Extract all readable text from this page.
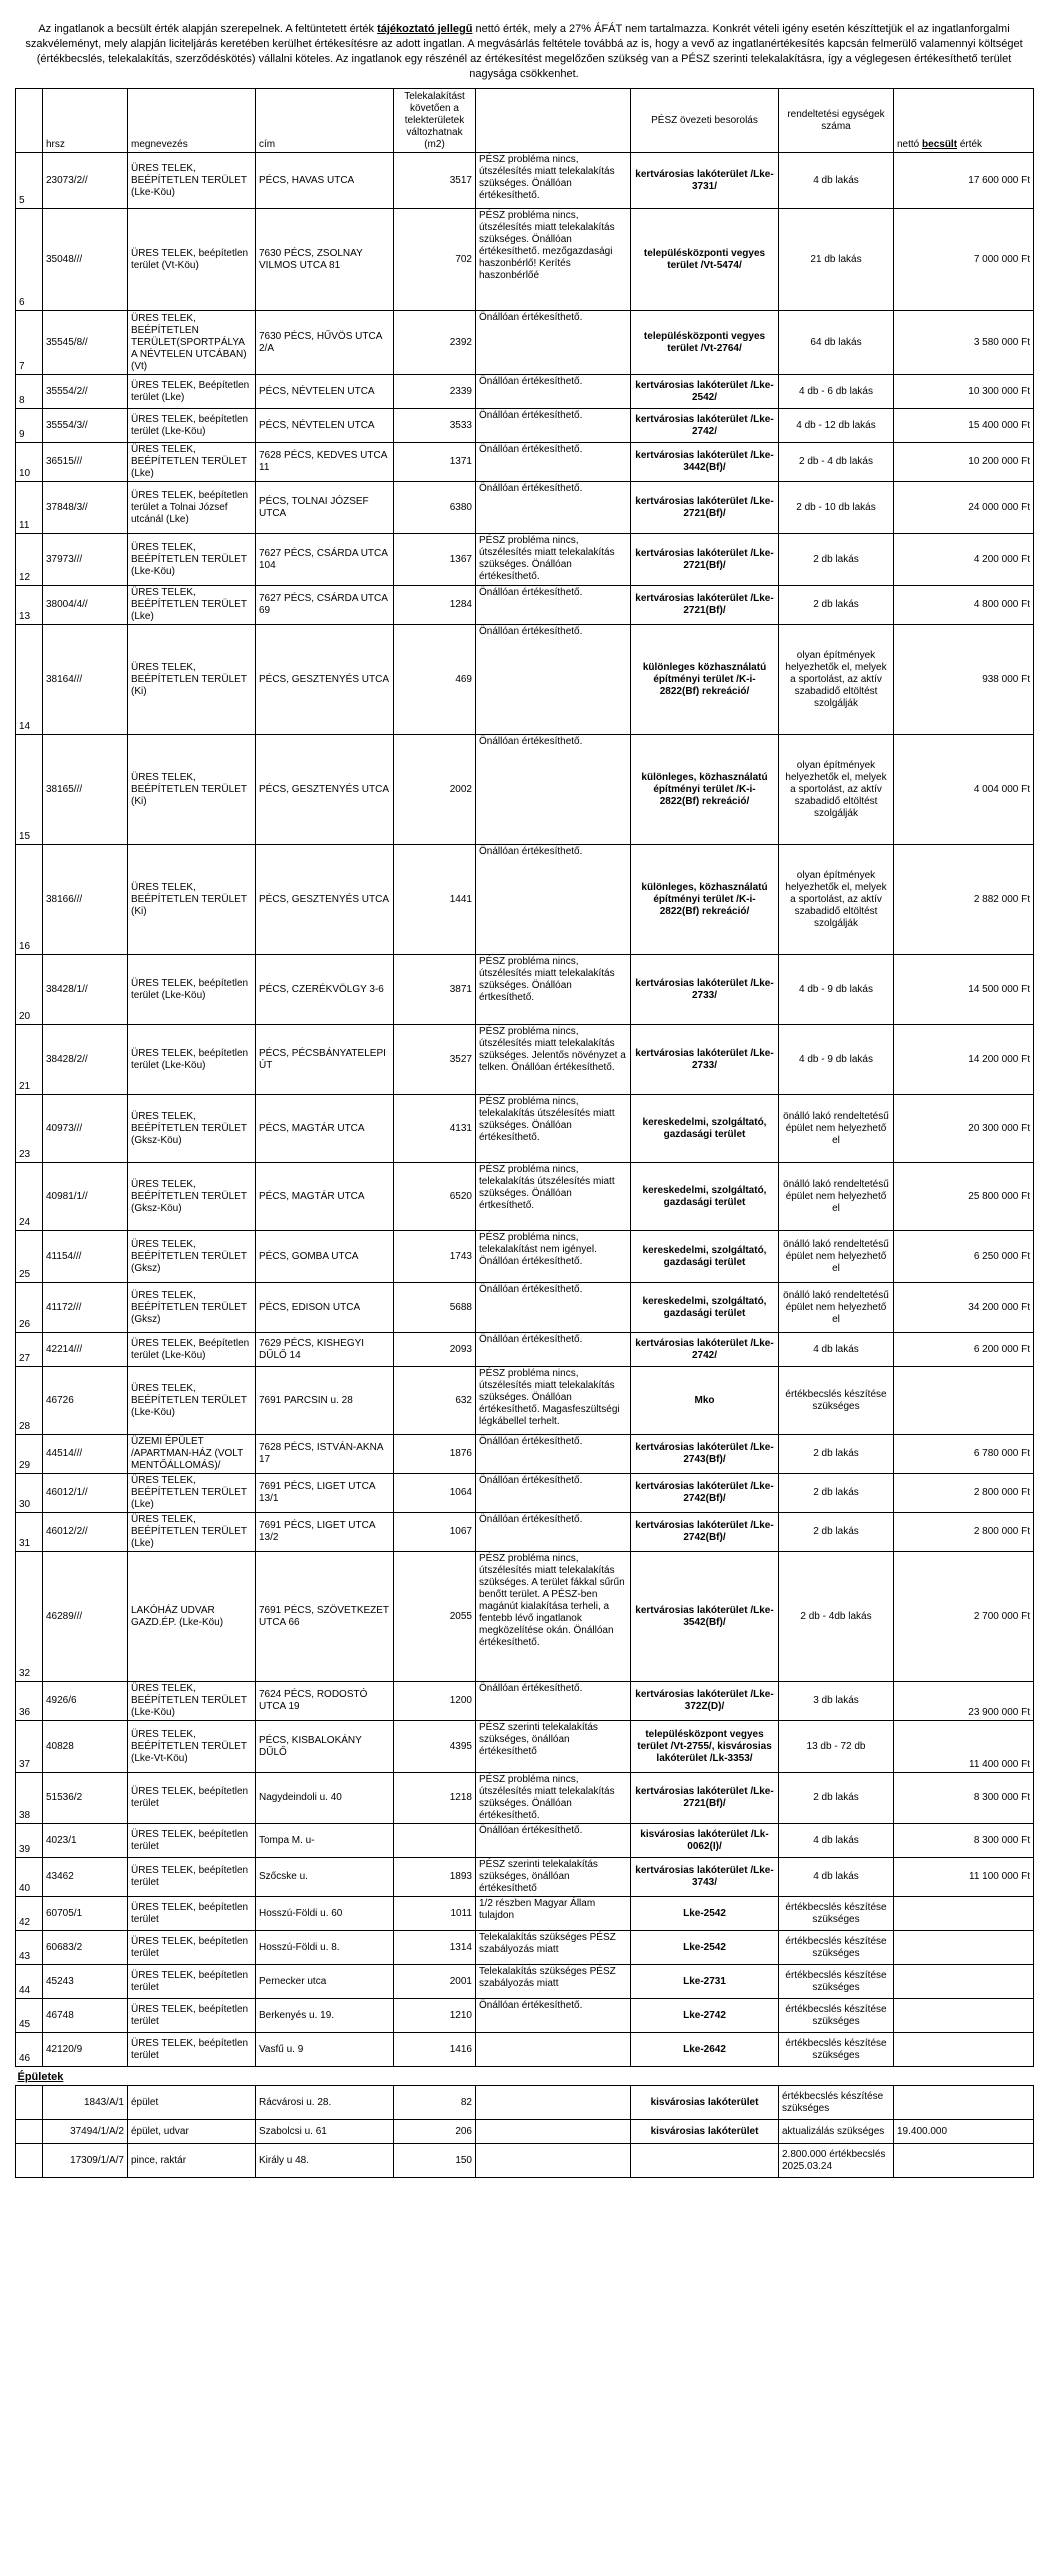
Az ingatlanok a becsült érték alapján szerepelnek. A feltüntetett érték tájékoztató jellegű nettó érték, mely a 27% ÁFÁT nem tartalmazza. Konkrét vételi igény esetén készíttetjük el az ingatlanforgalmi szakvéleményt, mely alapján liciteljárás keretében kerülhet értékesítésre az adott ingatlan. A megvásárlás feltétele továbbá az is, hogy a vevő az ingatlanértékesítés kapcsán felmerülő valamennyi költséget (értékbecslés, telekalakítás, szerződéskötés) vállalni köteles. Az ingatlanok egy részénél az értékesítést megelőzően szükség van a PÉSZ szerinti telekalakításra, így a véglegesen értékesíthető terület nagysága csökkenhet.
	hrsz	megnevezés	cím	Telekalakítást követően a telekterületek változhatnak (m2)		PÉSZ övezeti besorolás	rendeltetési egységek száma	nettó becsült érték
5	23073/2//	ÜRES TELEK, BEÉPÍTETLEN TERÜLET (Lke-Köu)	PÉCS, HAVAS UTCA	3517	PÉSZ probléma nincs, útszélesítés miatt telekalakítás szükséges. Önállóan értékesíthető.	kertvárosias lakóterület /Lke-3731/	4 db lakás	17 600 000 Ft
6	35048///	ÜRES TELEK, beépítetlen terület (Vt-Köu)	7630 PÉCS, ZSOLNAY VILMOS UTCA 81	702	PÉSZ probléma nincs, útszélesítés miatt telekalakítás szükséges. Önállóan értékesíthető. mezőgazdasági haszonbérlő! Kerítés haszonbérlőé	településközponti vegyes terület /Vt-5474/	21 db lakás	7 000 000 Ft
7	35545/8//	ÜRES TELEK, BEÉPÍTETLEN TERÜLET(SPORTPÁLYA A NÉVTELEN UTCÁBAN) (Vt)	7630 PÉCS, HŰVÖS UTCA 2/A	2392	Önállóan értékesíthető.	településközponti vegyes terület /Vt-2764/	64 db lakás	3 580 000 Ft
8	35554/2//	ÜRES TELEK, Beépítetlen terület (Lke)	PÉCS, NÉVTELEN UTCA	2339	Önállóan értékesíthető.	kertvárosias lakóterület /Lke-2542/	4 db - 6 db lakás	10 300 000 Ft
9	35554/3//	ÜRES TELEK, beépítetlen terület (Lke-Köu)	PÉCS, NÉVTELEN UTCA	3533	Önállóan értékesíthető.	kertvárosias lakóterület /Lke-2742/	4 db - 12 db lakás	15 400 000 Ft
10	36515///	ÜRES TELEK, BEÉPÍTETLEN TERÜLET (Lke)	7628 PÉCS, KEDVES UTCA 11	1371	Önállóan értékesíthető.	kertvárosias lakóterület /Lke-3442(Bf)/	2 db - 4 db lakás	10 200 000 Ft
11	37848/3//	ÜRES TELEK, beépítetlen terület a Tolnai József utcánál (Lke)	PÉCS, TOLNAI JÓZSEF UTCA	6380	Önállóan értékesíthető.	kertvárosias lakóterület /Lke-2721(Bf)/	2 db - 10 db lakás	24 000 000 Ft
12	37973///	ÜRES TELEK, BEÉPÍTETLEN TERÜLET (Lke-Köu)	7627 PÉCS, CSÁRDA UTCA 104	1367	PÉSZ probléma nincs, útszélesítés miatt telekalakítás szükséges. Önállóan értékesíthető.	kertvárosias lakóterület /Lke-2721(Bf)/	2 db lakás	4 200 000 Ft
13	38004/4//	ÜRES TELEK, BEÉPÍTETLEN TERÜLET (Lke)	7627 PÉCS, CSÁRDA UTCA 69	1284	Önállóan értékesíthető.	kertvárosias lakóterület /Lke-2721(Bf)/	2 db lakás	4 800 000 Ft
14	38164///	ÜRES TELEK, BEÉPÍTETLEN TERÜLET (Ki)	PÉCS, GESZTENYÉS UTCA	469	Önállóan értékesíthető.	különleges közhasználatú építményi terület /K-i-2822(Bf) rekreáció/	olyan építmények helyezhetők el, melyek a sportolást, az aktív szabadidő eltöltést szolgálják	938 000 Ft
15	38165///	ÜRES TELEK, BEÉPÍTETLEN TERÜLET (Ki)	PÉCS, GESZTENYÉS UTCA	2002	Önállóan értékesíthető.	különleges, közhasználatú építményi terület /K-i-2822(Bf) rekreáció/	olyan építmények helyezhetők el, melyek a sportolást, az aktív szabadidő eltöltést szolgálják	4 004 000 Ft
16	38166///	ÜRES TELEK, BEÉPÍTETLEN TERÜLET (Ki)	PÉCS, GESZTENYÉS UTCA	1441	Önállóan értékesíthető.	különleges, közhasználatú építményi terület /K-i-2822(Bf) rekreáció/	olyan építmények helyezhetők el, melyek a sportolást, az aktív szabadidő eltöltést szolgálják	2 882 000 Ft
20	38428/1//	ÜRES TELEK, beépítetlen terület (Lke-Köu)	PÉCS, CZERÉKVÖLGY 3-6	3871	PÉSZ probléma nincs, útszélesítés miatt telekalakítás szükséges. Önállóan értkesíthető.	kertvárosias lakóterület /Lke-2733/	4 db - 9 db lakás	14 500 000 Ft
21	38428/2//	ÜRES TELEK, beépítetlen terület (Lke-Köu)	PÉCS, PÉCSBÁNYATELEPI ÚT	3527	PÉSZ probléma nincs, útszélesítés miatt telekalakítás szükséges. Jelentős növényzet a telken. Önállóan értékesíthető.	kertvárosias lakóterület /Lke-2733/	4 db - 9 db lakás	14 200 000 Ft
23	40973///	ÜRES TELEK, BEÉPÍTETLEN TERÜLET (Gksz-Köu)	PÉCS, MAGTÁR UTCA	4131	PÉSZ probléma nincs, telekalakítás útszélesítés miatt szükséges. Önállóan értékesíthető.	kereskedelmi, szolgáltató, gazdasági terület	önálló lakó rendeltetésű épület nem helyezhető el	20 300 000 Ft
24	40981/1//	ÜRES TELEK, BEÉPÍTETLEN TERÜLET (Gksz-Köu)	PÉCS, MAGTÁR UTCA	6520	PÉSZ probléma nincs, telekalakítás útszélesítés miatt szükséges. Önállóan értkesíthető.	kereskedelmi, szolgáltató, gazdasági terület	önálló lakó rendeltetésű épület nem helyezhető el	25 800 000 Ft
25	41154///	ÜRES TELEK, BEÉPÍTETLEN TERÜLET (Gksz)	PÉCS, GOMBA UTCA	1743	PÉSZ probléma nincs, telekalakítást nem igényel. Önállóan értékesíthető.	kereskedelmi, szolgáltató, gazdasági terület	önálló lakó rendeltetésű épület nem helyezhető el	6 250 000 Ft
26	41172///	ÜRES TELEK, BEÉPÍTETLEN TERÜLET (Gksz)	PÉCS, EDISON UTCA	5688	Önállóan értékesíthető.	kereskedelmi, szolgáltató, gazdasági terület	önálló lakó rendeltetésű épület nem helyezhető el	34 200 000 Ft
27	42214///	ÜRES TELEK, Beépítetlen terület (Lke-Köu)	7629 PÉCS, KISHEGYI DŰLŐ 14	2093	Önállóan értékesíthető.	kertvárosias lakóterület /Lke-2742/	4 db lakás	6 200 000 Ft
28	46726	ÜRES TELEK, BEÉPÍTETLEN TERÜLET (Lke-Köu)	7691 PARCSIN u. 28	632	PÉSZ probléma nincs, útszélesítés miatt telekalakítás szükséges. Önállóan értékesíthető. Magasfeszültségi légkábellel terhelt.	Mko	értékbecslés készítése szükséges	
29	44514///	ÜZEMI ÉPÜLET /APARTMAN-HÁZ (VOLT MENTŐÁLLOMÁS)/	7628 PÉCS, ISTVÁN-AKNA 17	1876	Önállóan értékesíthető.	kertvárosias lakóterület /Lke-2743(Bf)/	2 db lakás	6 780 000 Ft
30	46012/1//	ÜRES TELEK, BEÉPÍTETLEN TERÜLET (Lke)	7691 PÉCS, LIGET UTCA 13/1	1064	Önállóan értékesíthető.	kertvárosias lakóterület /Lke-2742(Bf)/	2 db lakás	2 800 000 Ft
31	46012/2//	ÜRES TELEK, BEÉPÍTETLEN TERÜLET (Lke)	7691 PÉCS, LIGET UTCA 13/2	1067	Önállóan értékesíthető.	kertvárosias lakóterület /Lke-2742(Bf)/	2 db lakás	2 800 000 Ft
32	46289///	LAKÓHÁZ UDVAR GAZD.ÉP. (Lke-Köu)	7691 PÉCS, SZÖVETKEZET UTCA 66	2055	PÉSZ probléma nincs, útszélesítés miatt telekalakítás szükséges. A terület fákkal sűrűn benőtt terület. A PÉSZ-ben magánút kialakítása terheli, a fentebb lévő ingatlanok megközelítése okán. Önállóan értékesíthető.	kertvárosias lakóterület /Lke-3542(Bf)/	2 db - 4db lakás	2 700 000 Ft
36	4926/6	ÜRES TELEK, BEÉPÍTETLEN TERÜLET (Lke-Köu)	7624 PÉCS, RODOSTÓ UTCA 19	1200	Önállóan értékesíthető.	kertvárosias lakóterület /Lke-372Z(D)/	3 db lakás	23 900 000 Ft
37	40828	ÜRES TELEK, BEÉPÍTETLEN TERÜLET (Lke-Vt-Köu)	PÉCS, KISBALOKÁNY DŰLŐ	4395	PÉSZ szerinti telekalakítás szükséges, önállóan értékesíthető	településközpont vegyes terület /Vt-2755/, kisvárosias lakóterület /Lk-3353/	13 db - 72 db	11 400 000 Ft
38	51536/2	ÜRES TELEK, beépítetlen terület	Nagydeindoli u. 40	1218	PÉSZ probléma nincs, útszélesítés miatt telekalakítás szükséges. Önállóan értékesíthető.	kertvárosias lakóterület /Lke-2721(Bf)/	2 db lakás	8 300 000 Ft
39	4023/1	ÜRES TELEK, beépítetlen terület	Tompa M. u-		Önállóan értékesíthető.	kisvárosias lakóterület /Lk-0062(I)/	4 db lakás	8 300 000 Ft
40	43462	ÜRES TELEK, beépítetlen terület	Szőcske u.	1893	PÉSZ szerinti telekalakítás szükséges, önállóan értékesíthető	kertvárosias lakóterület /Lke-3743/	4 db lakás	11 100 000 Ft
42	60705/1	ÜRES TELEK, beépítetlen terület	Hosszú-Földi u. 60	1011	1/2 részben Magyar Állam tulajdon	Lke-2542	értékbecslés készítése szükséges	
43	60683/2	ÜRES TELEK, beépítetlen terület	Hosszú-Földi u. 8.	1314	Telekalakítás szükséges PÉSZ szabályozás miatt	Lke-2542	értékbecslés készítése szükséges	
44	45243	ÜRES TELEK, beépítetlen terület	Pernecker utca	2001	Telekalakítás szükséges PÉSZ szabályozás miatt	Lke-2731	értékbecslés készítése szükséges	
45	46748	ÜRES TELEK, beépítetlen terület	Berkenyés u. 19.	1210	Önállóan értékesíthető.	Lke-2742	értékbecslés készítése szükséges	
46	42120/9	ÜRES TELEK, beépítetlen terület	Vasfű u. 9	1416		Lke-2642	értékbecslés készítése szükséges	
Épületek								
	1843/A/1	épület	Rácvárosi u. 28.	82		kisvárosias lakóterület	értékbecslés készítése szükséges	
	37494/1/A/2	épület, udvar	Szabolcsi u. 61	206		kisvárosias lakóterület	aktualizálás szükséges	19.400.000
	17309/1/A/7	pince, raktár	Király u 48.	150			2.800.000 értékbecslés 2025.03.24	
